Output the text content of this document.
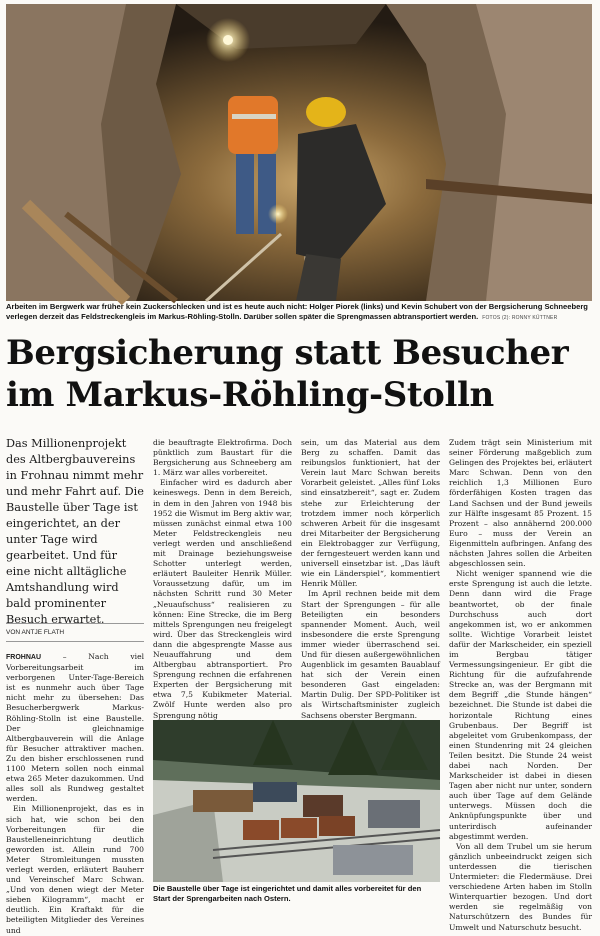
Arbeiten im Bergwerk war früher kein Zuckerschlecken und ist es heute auch nicht: Holger Piorek (links) und Kevin Schubert von der Bergsicherung Schneeberg verlegen derzeit das Feldstreckengleis im Markus-Röhling-Stolln. Darüber sollen später die Sprengmassen abtransportiert werden. FOTOS (2): RONNY KÜTTNER
Bergsicherung statt Besucher
im Markus-Röhling-Stolln
Das Millionenprojekt des Altbergbauvereins in Frohnau nimmt mehr und mehr Fahrt auf. Die Baustelle über Tage ist eingerichtet, an der unter Tage wird gearbeitet. Und für eine nicht alltägliche Amtshandlung wird bald prominenter Besuch erwartet.
VON ANTJE FLATH

FROHNAU – Nach viel Vorbereitungsarbeit im verborgenen Unter-Tage-Bereich ist es nunmehr auch über Tage nicht mehr zu übersehen: Das Besucherbergwerk Markus-Röhling-Stolln ist eine Baustelle. Der gleichnamige Altbergbauverein will die Anlage für Besucher attraktiver machen. Zu den bisher erschlossenen rund 1100 Metern sollen noch einmal etwa 265 Meter dazukommen. Und alles soll als Rundweg gestaltet werden.

Ein Millionenprojekt, das es in sich hat, wie schon bei den Vorbereitungen für die Baustelleneinrichtung deutlich geworden ist. Allein rund 700 Meter Stromleitungen mussten verlegt werden, erläutert Bauherr und Vereinschef Marc Schwan. „Und von denen wiegt der Meter sieben Kilogramm“, macht er deutlich. Ein Kraftakt für die beteiligten Mitglieder des Vereines und

die beauftragte Elektrofirma. Doch pünktlich zum Baustart für die Bergsicherung aus Schneeberg am 1. März war alles vorbereitet.

Einfacher wird es dadurch aber keineswegs. Denn in dem Bereich, in dem in den Jahren von 1948 bis 1952 die Wismut im Berg aktiv war, müssen zunächst einmal etwa 100 Meter Feldstreckengleis neu verlegt werden und anschließend mit Drainage beziehungsweise Schotter unterlegt werden, erläutert Bauleiter Henrik Müller. Voraussetzung dafür, um im nächsten Schritt rund 30 Meter „Neuaufschuss“ realisieren zu können: Eine Strecke, die im Berg mittels Sprengungen neu freigelegt wird. Über das Streckengleis wird dann die abgesprengte Masse aus Neuauffahrung und dem Altbergbau abtransportiert. Pro Sprengung rechnen die erfahrenen Experten der Bergsicherung mit etwa 7,5 Kubikmeter Material. Zwölf Hunte werden also pro Sprengung nötig

sein, um das Material aus dem Berg zu schaffen. Damit das reibungslos funktioniert, hat der Verein laut Marc Schwan bereits Vorarbeit geleistet. „Alles fünf Loks sind einsatzbereit“, sagt er. Zudem stehe zur Erleichterung der trotzdem immer noch körperlich schweren Arbeit für die insgesamt drei Mitarbeiter der Bergsicherung ein Elektrobagger zur Verfügung, der ferngesteuert werden kann und universell einsetzbar ist. „Das läuft wie ein Länderspiel“, kommentiert Henrik Müller.

Im April rechnen beide mit dem Start der Sprengungen – für alle Beteiligten ein besonders spannender Moment. Auch, weil insbesondere die erste Sprengung immer wieder überraschend sei. Und für diesen außergewöhnlichen Augenblick im gesamten Bauablauf hat sich der Verein einen besonderen Gast eingeladen: Martin Dulig. Der SPD-Politiker ist als Wirtschaftsminister zugleich Sachsens oberster Bergmann.

Zudem trägt sein Ministerium mit seiner Förderung maßgeblich zum Gelingen des Projektes bei, erläutert Marc Schwan. Denn von den reichlich 1,3 Millionen Euro förderfähigen Kosten tragen das Land Sachsen und der Bund jeweils zur Hälfte insgesamt 85 Prozent. 15 Prozent – also annähernd 200.000 Euro – muss der Verein an Eigenmitteln aufbringen. Anfang des nächsten Jahres sollen die Arbeiten abgeschlossen sein.

Nicht weniger spannend wie die erste Sprengung ist auch die letzte. Denn dann wird die Frage beantwortet, ob der finale Durchschuss auch dort angekommen ist, wo er ankommen sollte. Wichtige Vorarbeit leistet dafür der Markscheider, ein speziell im Bergbau tätiger Vermessungsingenieur. Er gibt die Richtung für die aufzufahrende Strecke an, was der Bergmann mit dem Begriff „die Stunde hängen“ bezeichnet. Die Stunde ist dabei die horizontale Richtung eines Grubenbaus. Der Begriff ist abgeleitet vom Grubenkompass, der einen Stundenring mit 24 gleichen Teilen besitzt. Die Stunde 24 weist dabei nach Norden. Der Markscheider ist dabei in diesen Tagen aber nicht nur unter, sondern auch über Tage auf dem Gelände unterwegs. Müssen doch die Anknüpfungspunkte über und unterirdisch aufeinander abgestimmt werden.

Von all dem Trubel um sie herum gänzlich unbeeindruckt zeigen sich unterdessen die tierischen Untermieter: die Fledermäuse. Drei verschiedene Arten haben im Stolln Winterquartier bezogen. Und dort werden sie regelmäßig von Naturschützern des Bundes für Umwelt und Naturschutz besucht.

Die Baustelle über Tage ist eingerichtet und damit alles vorbereitet für den Start der Sprengarbeiten nach Ostern.
